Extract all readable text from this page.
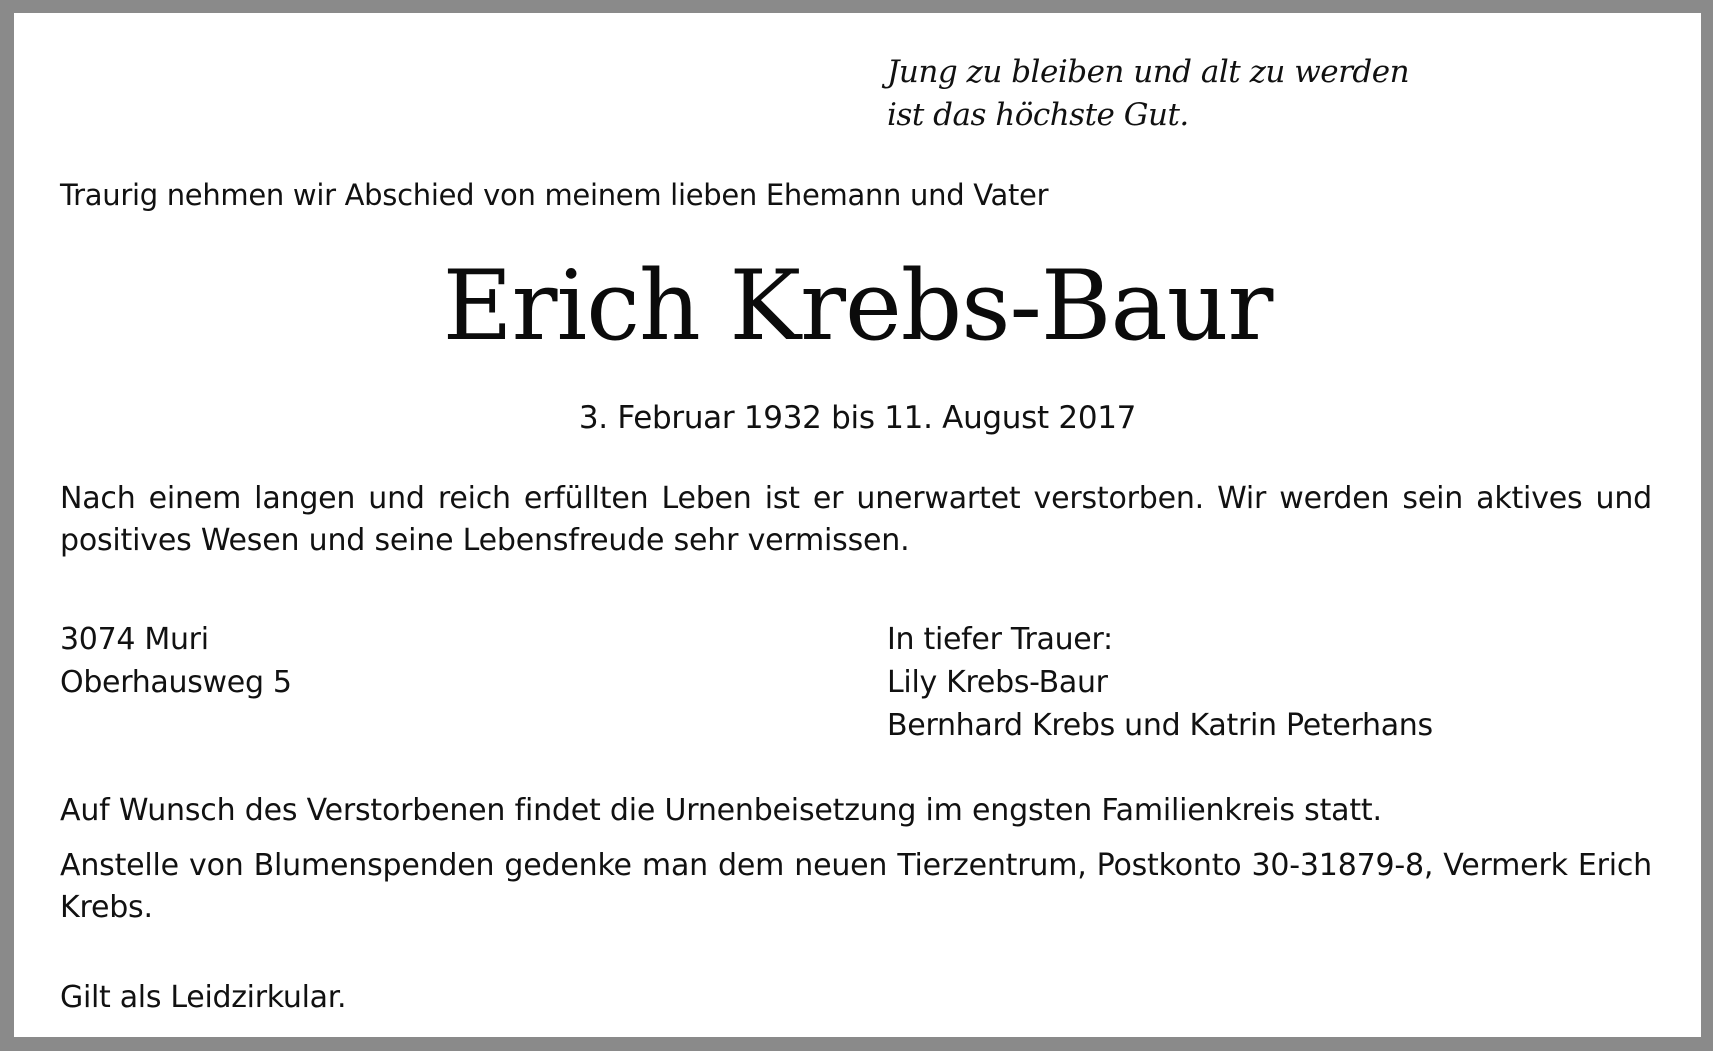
Jung zu bleiben und alt zu werden
ist das höchste Gut.
Traurig nehmen wir Abschied von meinem lieben Ehemann und Vater
Erich Krebs-Baur
3. Februar 1932 bis 11. August 2017
Nach einem langen und reich erfüllten Leben ist er unerwartet verstorben. Wir werden sein aktives und positives Wesen und seine Lebensfreude sehr vermissen.
3074 Muri
Oberhausweg 5
In tiefer Trauer:
Lily Krebs-Baur
Bernhard Krebs und Katrin Peterhans
Auf Wunsch des Verstorbenen findet die Urnenbeisetzung im engsten Familienkreis statt.
Anstelle von Blumenspenden gedenke man dem neuen Tierzentrum, Postkonto 30-31879-8, Vermerk Erich Krebs.
Gilt als Leidzirkular.
